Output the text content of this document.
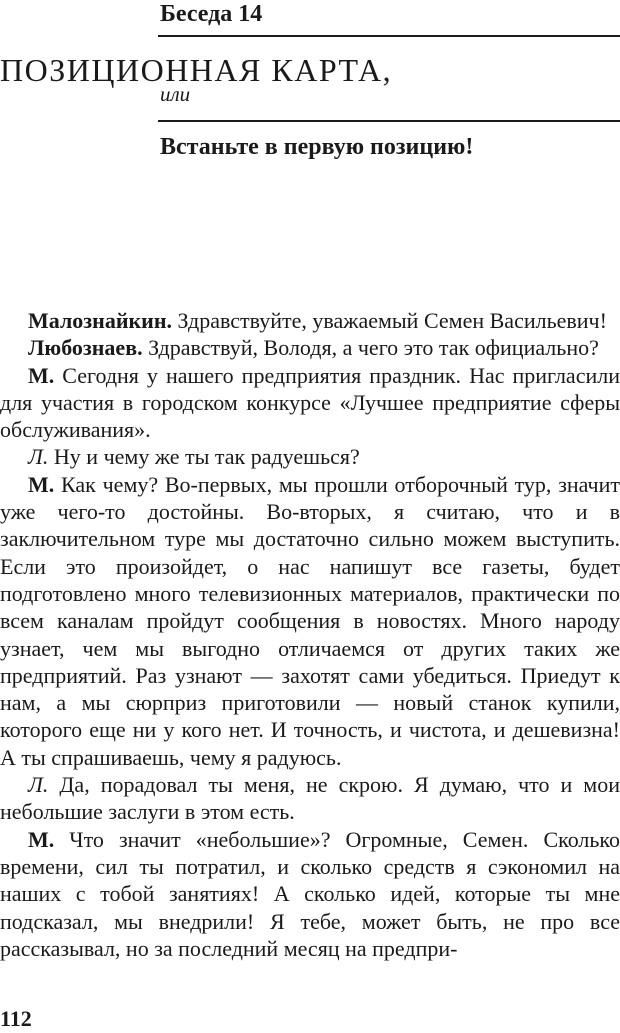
Беседа 14
ПОЗИЦИОННАЯ КАРТА,
или
Встаньте в первую позицию!

Малознайкин. Здравствуйте, уважаемый Семен Васильевич!

Любознаев. Здравствуй, Володя, а чего это так официально?

М. Сегодня у нашего предприятия праздник. Нас пригласили для участия в городском конкурсе «Лучшее предприятие сферы обслуживания».

Л. Ну и чему же ты так радуешься?

М. Как чему? Во-первых, мы прошли отборочный тур, значит уже чего-то достойны. Во-вторых, я считаю, что и в заключительном туре мы достаточно сильно можем выступить. Если это произойдет, о нас напишут все газеты, будет подготовлено много телевизионных материалов, практически по всем каналам пройдут сообщения в новостях. Много народу узнает, чем мы выгодно отличаемся от других таких же предприятий. Раз узнают — захотят сами убедиться. Приедут к нам, а мы сюрприз приготовили — новый станок купили, которого еще ни у кого нет. И точность, и чистота, и дешевизна! А ты спрашиваешь, чему я радуюсь.

Л. Да, порадовал ты меня, не скрою. Я думаю, что и мои небольшие заслуги в этом есть.

М. Что значит «небольшие»? Огромные, Семен. Сколько времени, сил ты потратил, и сколько средств я сэкономил на наших с тобой занятиях! А сколько идей, которые ты мне подсказал, мы внедрили! Я тебе, может быть, не про все рассказывал, но за последний месяц на предпри-

112
